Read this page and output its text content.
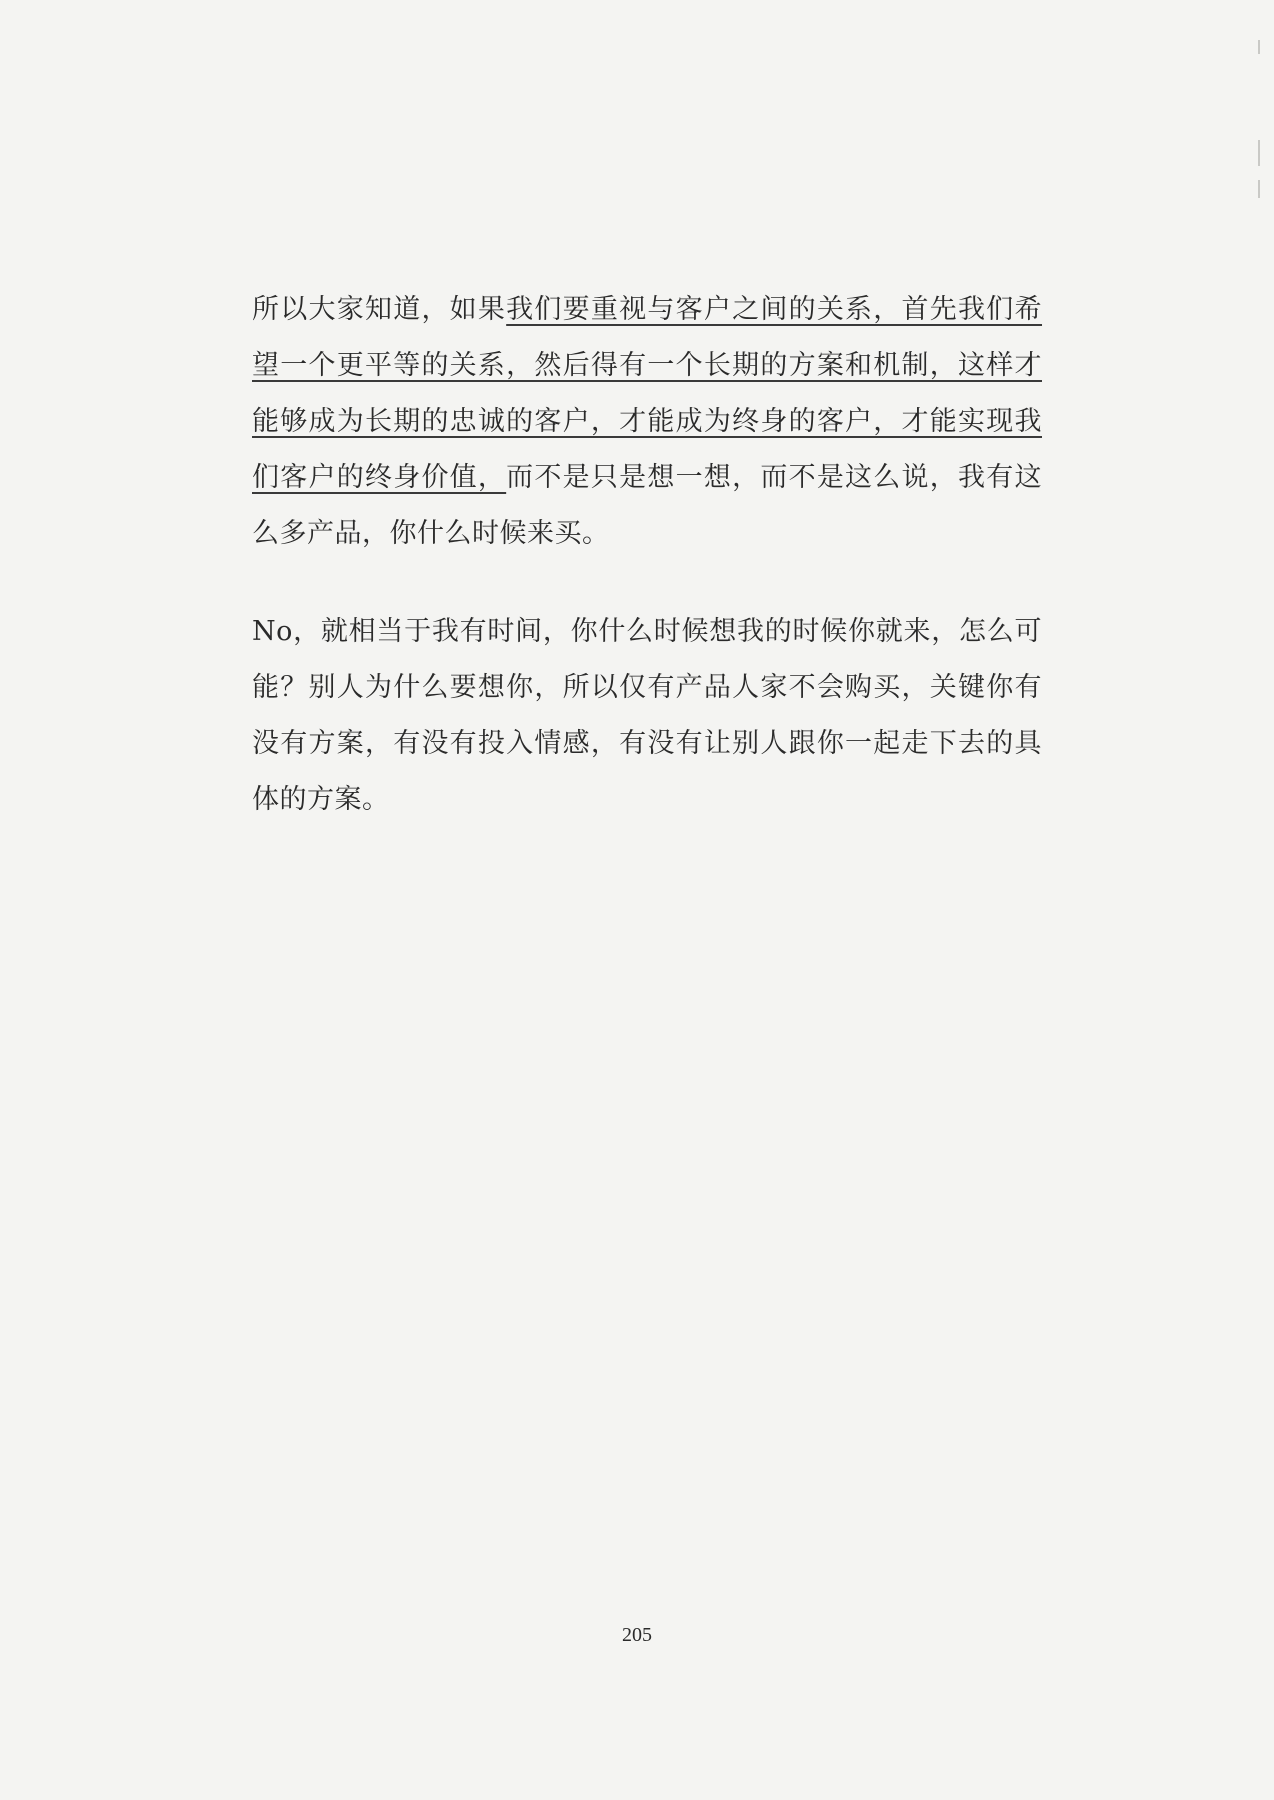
所以大家知道，如果我们要重视与客户之间的关系，首先我们希望一个更平等的关系，然后得有一个长期的方案和机制，这样才能够成为长期的忠诚的客户，才能成为终身的客户，才能实现我们客户的终身价值，而不是只是想一想，而不是这么说，我有这么多产品，你什么时候来买。

No，就相当于我有时间，你什么时候想我的时候你就来，怎么可能？别人为什么要想你，所以仅有产品人家不会购买，关键你有没有方案，有没有投入情感，有没有让别人跟你一起走下去的具体的方案。

205
